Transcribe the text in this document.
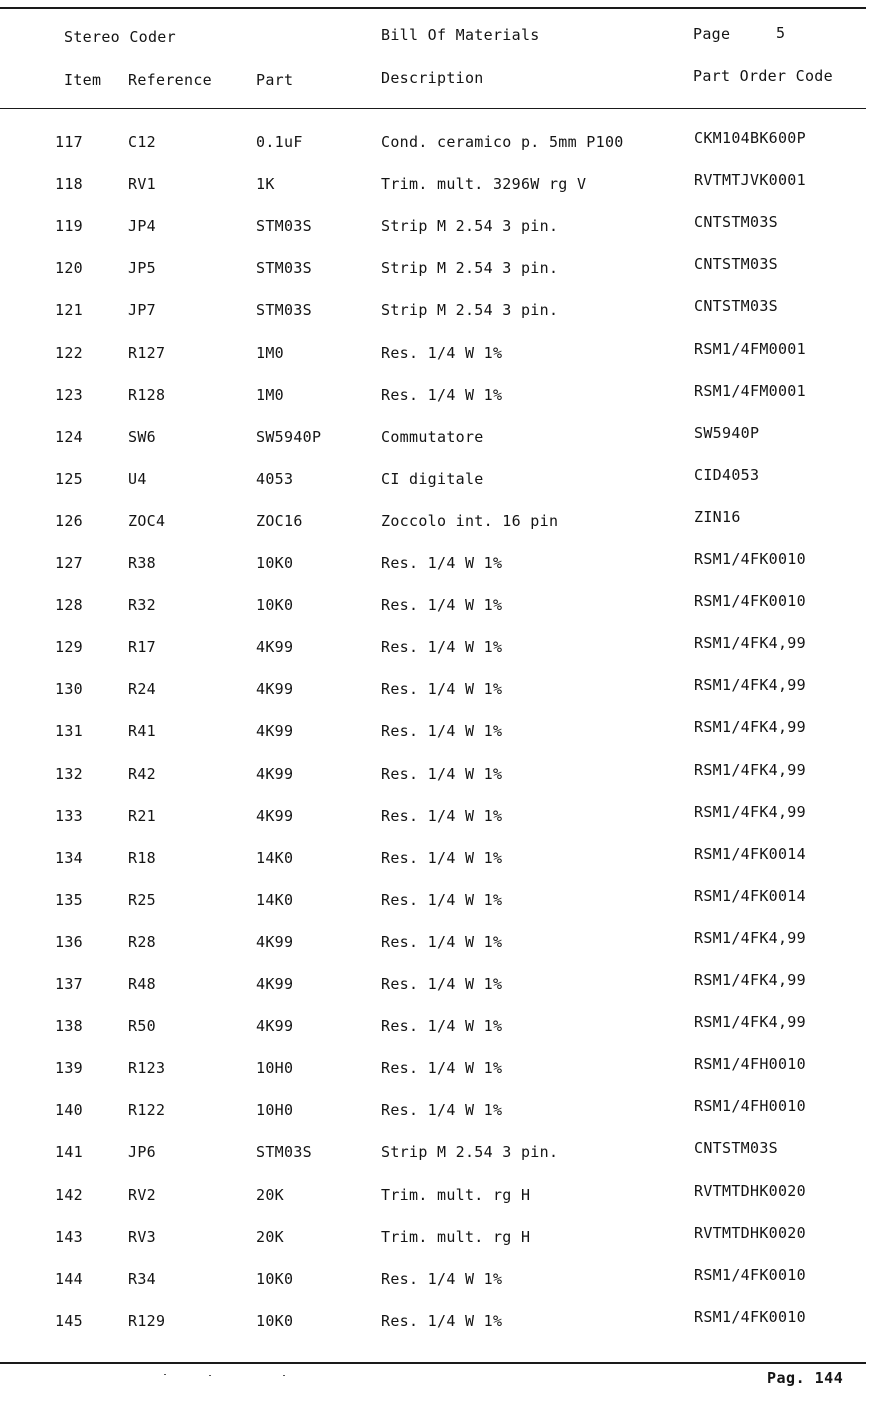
Stereo Coder	Bill Of Materials	Page	5
Item Reference	Part	Description	Part Order Code
117	C12	0.1uF	Cond. ceramico p. 5mm P100	CKM104BK600P
118	RV1	1K	Trim. mult. 3296W rg V	RVTMTJVK0001
119	JP4	STM03S	Strip M 2.54 3 pin.	CNTSTM03S
120	JP5	STM03S	Strip M 2.54 3 pin.	CNTSTM03S
121	JP7	STM03S	Strip M 2.54 3 pin.	CNTSTM03S
122	R127	1M0	Res. 1/4 W 1%	RSM1/4FM0001
123	R128	1M0	Res. 1/4 W 1%	RSM1/4FM0001
124	SW6	SW5940P	Commutatore	SW5940P
125	U4	4053	CI digitale	CID4053
126	ZOC4	ZOC16	Zoccolo int. 16 pin	ZIN16
127	R38	10K0	Res. 1/4 W 1%	RSM1/4FK0010
128	R32	10K0	Res. 1/4 W 1%	RSM1/4FK0010
129	R17	4K99	Res. 1/4 W 1%	RSM1/4FK4,99
130	R24	4K99	Res. 1/4 W 1%	RSM1/4FK4,99
131	R41	4K99	Res. 1/4 W 1%	RSM1/4FK4,99
132	R42	4K99	Res. 1/4 W 1%	RSM1/4FK4,99
133	R21	4K99	Res. 1/4 W 1%	RSM1/4FK4,99
134	R18	14K0	Res. 1/4 W 1%	RSM1/4FK0014
135	R25	14K0	Res. 1/4 W 1%	RSM1/4FK0014
136	R28	4K99	Res. 1/4 W 1%	RSM1/4FK4,99
137	R48	4K99	Res. 1/4 W 1%	RSM1/4FK4,99
138	R50	4K99	Res. 1/4 W 1%	RSM1/4FK4,99
139	R123	10H0	Res. 1/4 W 1%	RSM1/4FH0010
140	R122	10H0	Res. 1/4 W 1%	RSM1/4FH0010
141	JP6	STM03S	Strip M 2.54 3 pin.	CNTSTM03S
142	RV2	20K	Trim. mult. rg H	RVTMTDHK0020
143	RV3	20K	Trim. mult. rg H	RVTMTDHK0020
144	R34	10K0	Res. 1/4 W 1%	RSM1/4FK0010
145	R129	10K0	Res. 1/4 W 1%	RSM1/4FK0010
Pag. 144
